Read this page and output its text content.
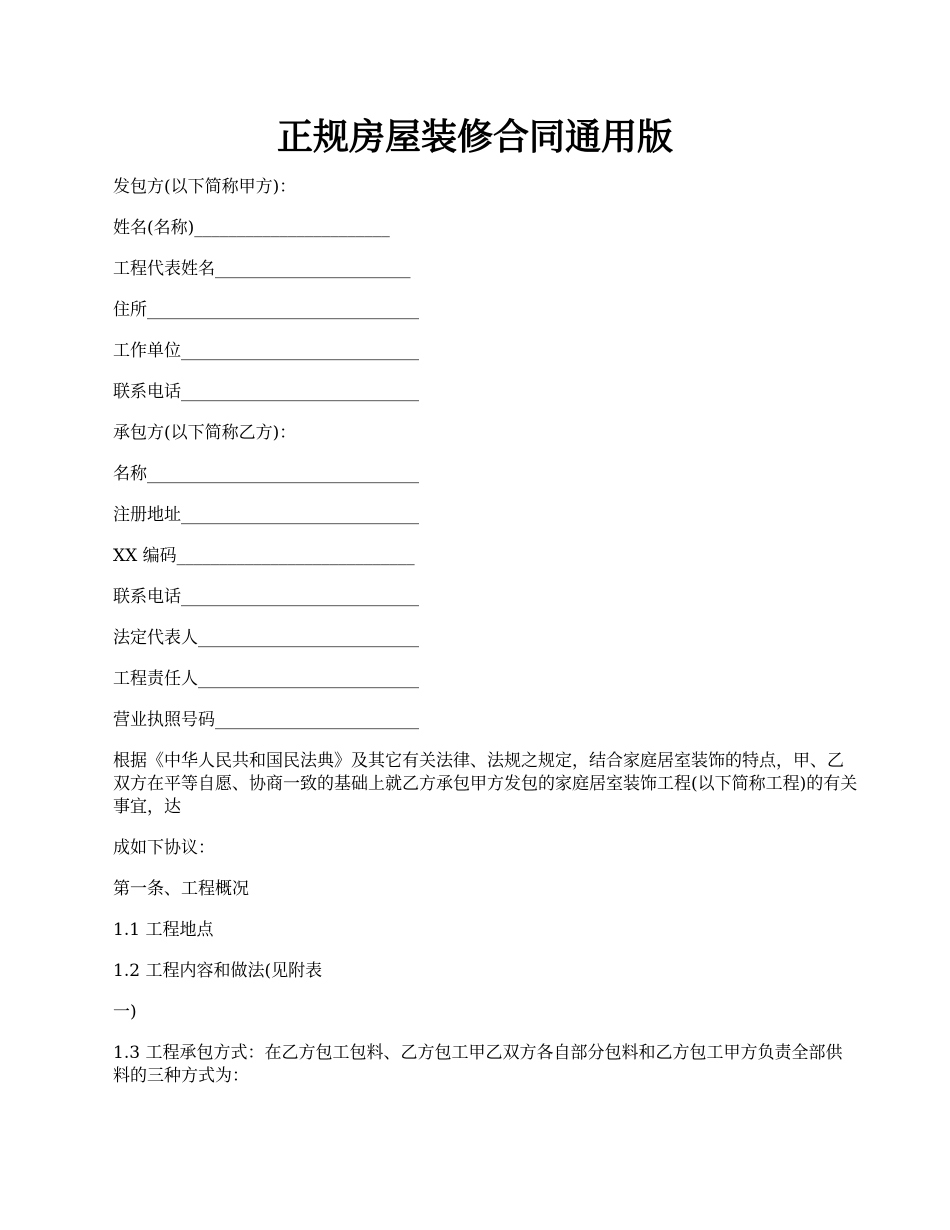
正规房屋装修合同通用版

发包方(以下简称甲方)：

姓名(名称)_______________________

工程代表姓名_______________________

住所________________________________

工作单位____________________________

联系电话____________________________

承包方(以下简称乙方)：

名称________________________________

注册地址____________________________

XX 编码____________________________

联系电话____________________________

法定代表人__________________________

工程责任人__________________________

营业执照号码________________________

根据《中华人民共和国民法典》及其它有关法律、法规之规定，结合家庭居室装饰的特点，甲、乙双方在平等自愿、协商一致的基础上就乙方承包甲方发包的家庭居室装饰工程(以下简称工程)的有关事宜，达

成如下协议：

第一条、工程概况

1.1 工程地点

1.2 工程内容和做法(见附表

一)

1.3 工程承包方式：在乙方包工包料、乙方包工甲乙双方各自部分包料和乙方包工甲方负责全部供料的三种方式为：
